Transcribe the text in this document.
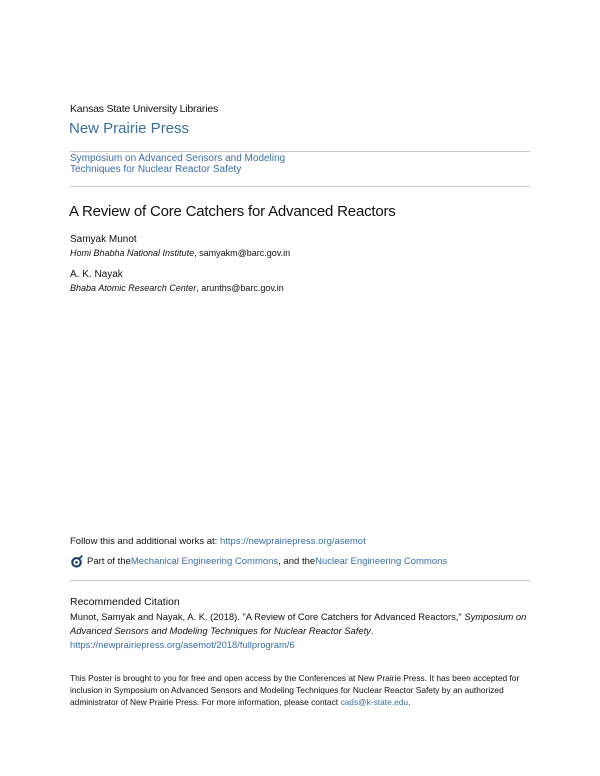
Kansas State University Libraries
New Prairie Press
Symposium on Advanced Sensors and Modeling Techniques for Nuclear Reactor Safety
A Review of Core Catchers for Advanced Reactors
Samyak Munot
Homi Bhabha National Institute, samyakm@barc.gov.in
A. K. Nayak
Bhaba Atomic Research Center, arunths@barc.gov.in
Follow this and additional works at: https://newprairiepress.org/asemot
Part of the Mechanical Engineering Commons , and the Nuclear Engineering Commons
Recommended Citation
Munot, Samyak and Nayak, A. K. (2018). "A Review of Core Catchers for Advanced Reactors," Symposium on Advanced Sensors and Modeling Techniques for Nuclear Reactor Safety. https://newprairiepress.org/asemot/2018/fullprogram/6
This Poster is brought to you for free and open access by the Conferences at New Prairie Press. It has been accepted for inclusion in Symposium on Advanced Sensors and Modeling Techniques for Nuclear Reactor Safety by an authorized administrator of New Prairie Press. For more information, please contact cads@k-state.edu.
